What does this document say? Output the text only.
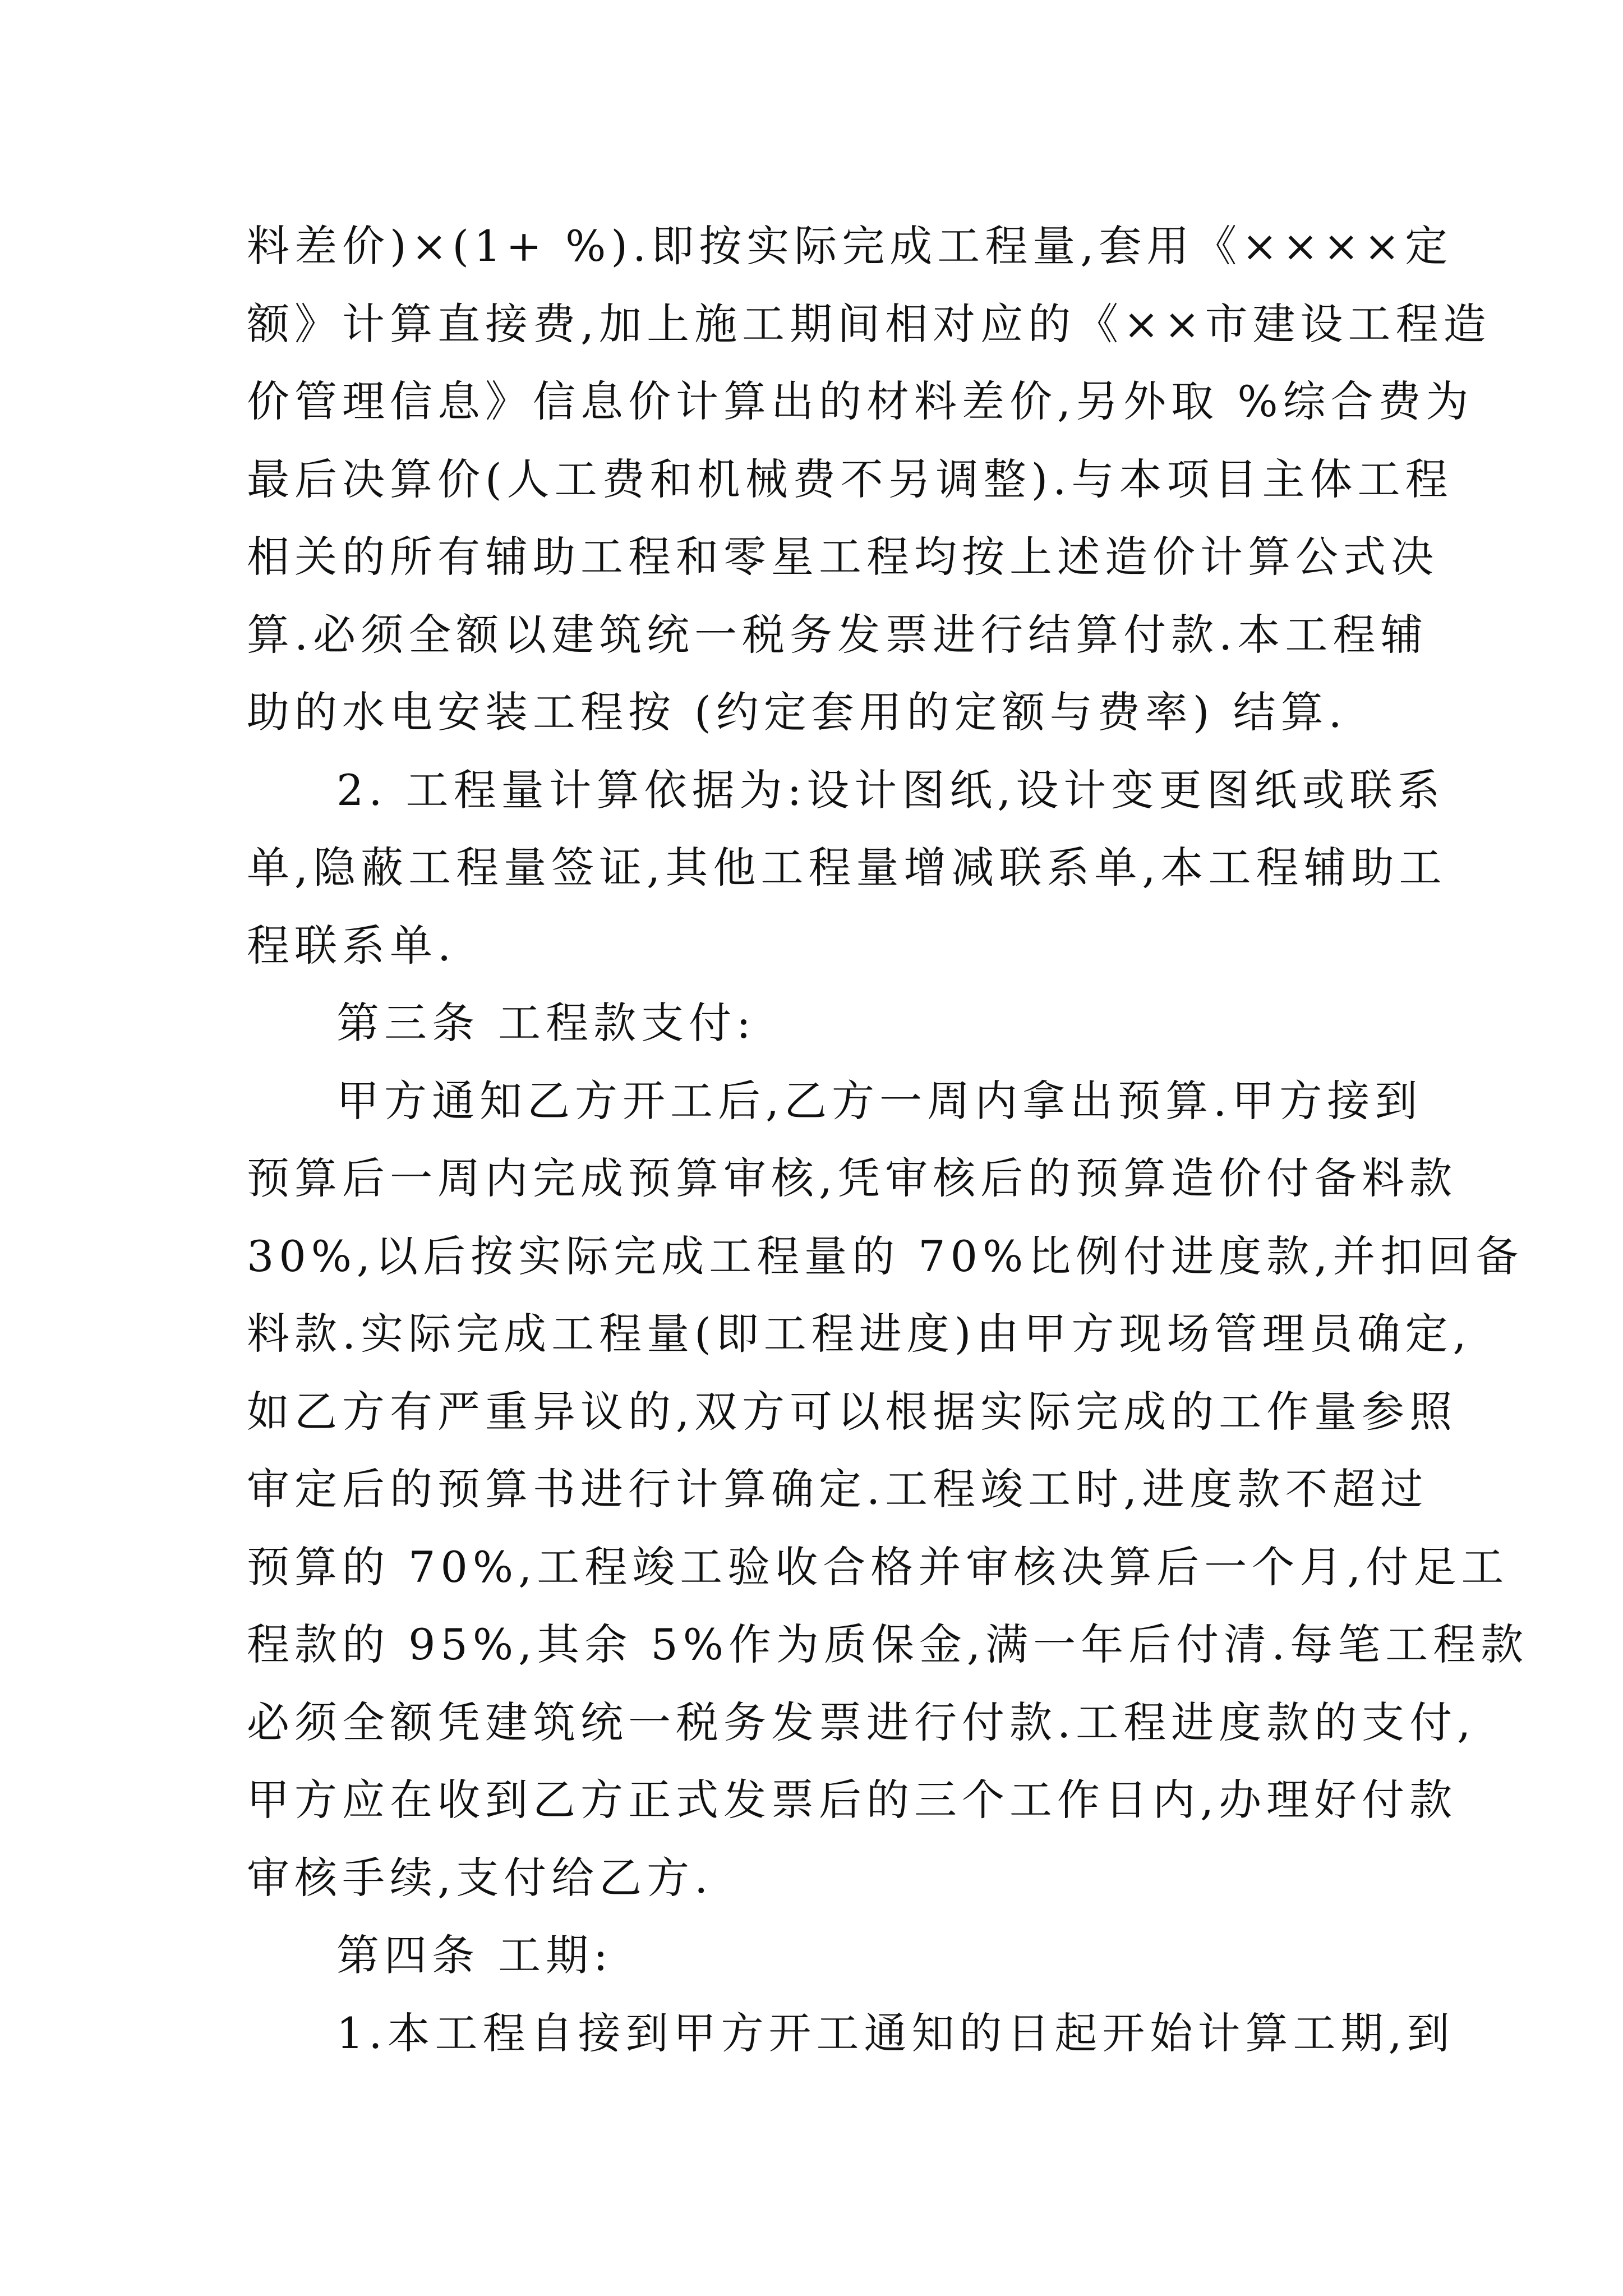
料差价)×(1+ %).即按实际完成工程量,套用《××××定
额》计算直接费,加上施工期间相对应的《××市建设工程造
价管理信息》信息价计算出的材料差价,另外取 %综合费为
最后决算价(人工费和机械费不另调整).与本项目主体工程
相关的所有辅助工程和零星工程均按上述造价计算公式决
算.必须全额以建筑统一税务发票进行结算付款.本工程辅
助的水电安装工程按 (约定套用的定额与费率) 结算.
2. 工程量计算依据为:设计图纸,设计变更图纸或联系
单,隐蔽工程量签证,其他工程量增减联系单,本工程辅助工
程联系单.
第三条 工程款支付:
甲方通知乙方开工后,乙方一周内拿出预算.甲方接到
预算后一周内完成预算审核,凭审核后的预算造价付备料款
30%,以后按实际完成工程量的 70%比例付进度款,并扣回备
料款.实际完成工程量(即工程进度)由甲方现场管理员确定,
如乙方有严重异议的,双方可以根据实际完成的工作量参照
审定后的预算书进行计算确定.工程竣工时,进度款不超过
预算的 70%,工程竣工验收合格并审核决算后一个月,付足工
程款的 95%,其余 5%作为质保金,满一年后付清.每笔工程款
必须全额凭建筑统一税务发票进行付款.工程进度款的支付,
甲方应在收到乙方正式发票后的三个工作日内,办理好付款
审核手续,支付给乙方.
第四条 工期:
1.本工程自接到甲方开工通知的日起开始计算工期,到
